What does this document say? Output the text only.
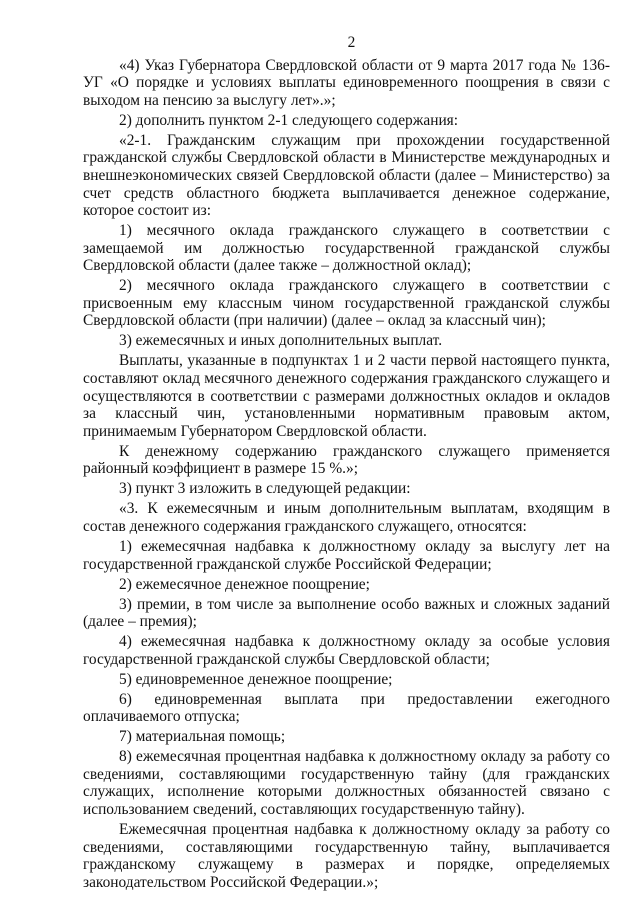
2

«4) Указ Губернатора Свердловской области от 9 марта 2017 года № 136-УГ «О порядке и условиях выплаты единовременного поощрения в связи с выходом на пенсию за выслугу лет».»;

2) дополнить пунктом 2-1 следующего содержания:

«2-1. Гражданским служащим при прохождении государственной гражданской службы Свердловской области в Министерстве международных и внешнеэкономических связей Свердловской области (далее – Министерство) за счет средств областного бюджета выплачивается денежное содержание, которое состоит из:

1) месячного оклада гражданского служащего в соответствии с замещаемой им должностью государственной гражданской службы Свердловской области (далее также – должностной оклад);

2) месячного оклада гражданского служащего в соответствии с присвоенным ему классным чином государственной гражданской службы Свердловской области (при наличии) (далее – оклад за классный чин);

3) ежемесячных и иных дополнительных выплат.

Выплаты, указанные в подпунктах 1 и 2 части первой настоящего пункта, составляют оклад месячного денежного содержания гражданского служащего и осуществляются в соответствии с размерами должностных окладов и окладов за классный чин, установленными нормативным правовым актом, принимаемым Губернатором Свердловской области.

К денежному содержанию гражданского служащего применяется районный коэффициент в размере 15 %.»;

3) пункт 3 изложить в следующей редакции:

«3. К ежемесячным и иным дополнительным выплатам, входящим в состав денежного содержания гражданского служащего, относятся:

1) ежемесячная надбавка к должностному окладу за выслугу лет на государственной гражданской службе Российской Федерации;

2) ежемесячное денежное поощрение;

3) премии, в том числе за выполнение особо важных и сложных заданий (далее – премия);

4) ежемесячная надбавка к должностному окладу за особые условия государственной гражданской службы Свердловской области;

5) единовременное денежное поощрение;

6) единовременная выплата при предоставлении ежегодного оплачиваемого отпуска;

7) материальная помощь;

8) ежемесячная процентная надбавка к должностному окладу за работу со сведениями, составляющими государственную тайну (для гражданских служащих, исполнение которыми должностных обязанностей связано с использованием сведений, составляющих государственную тайну).

Ежемесячная процентная надбавка к должностному окладу за работу со сведениями, составляющими государственную тайну, выплачивается гражданскому служащему в размерах и порядке, определяемых законодательством Российской Федерации.»;
